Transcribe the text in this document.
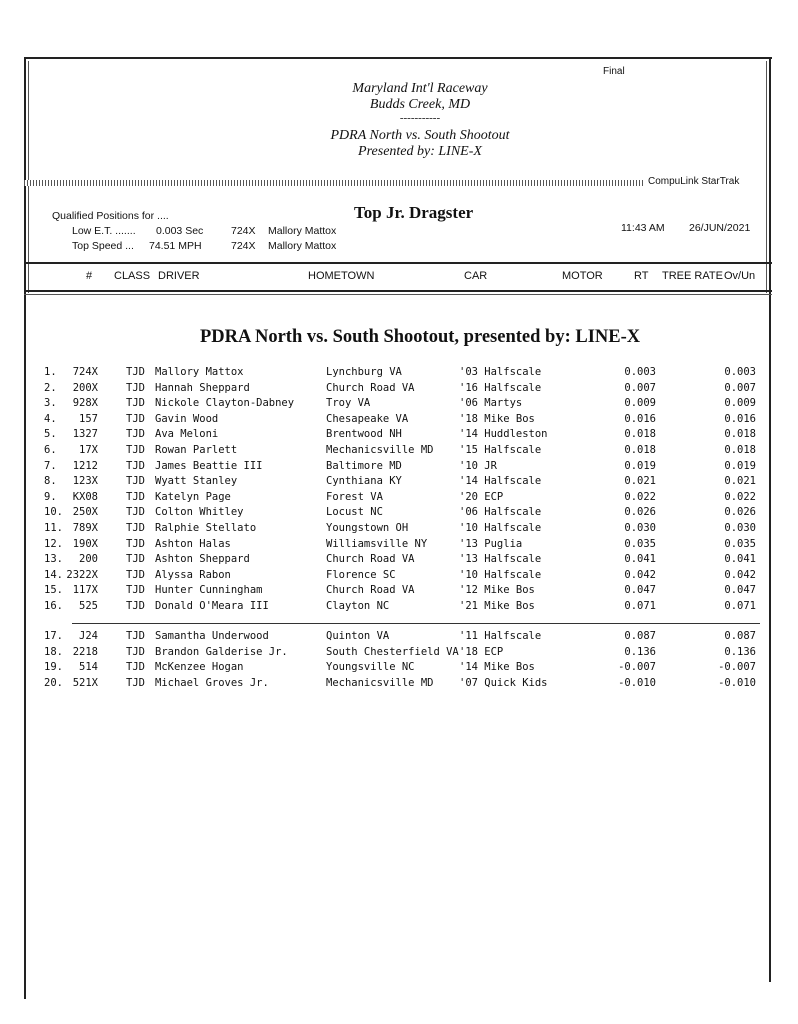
Final
Maryland Int'l Raceway
Budds Creek, MD
-----------
PDRA North vs. South Shootout
Presented by: LINE-X
CompuLink StarTrak
Qualified Positions for ....
Low E.T. ....... 0.003 Sec	724X Mallory Mattox
Top Speed ... 74.51 MPH	724X Mallory Mattox
Top Jr. Dragster
11:43 AM 26/JUN/2021
# CLASS DRIVER	HOMETOWN	CAR	MOTOR	RT TREE RATE Ov/Un
PDRA North vs. South Shootout, presented by: LINE-X
1.	724X	TJD Mallory Mattox	Lynchburg VA	'03 Halfscale	0.003	0.003
2.	200X	TJD Hannah Sheppard	Church Road VA	'16 Halfscale	0.007	0.007
3.	928X	TJD Nickole Clayton-Dabney	Troy VA	'06 Martys	0.009	0.009
4.	157	TJD Gavin Wood	Chesapeake VA	'18 Mike Bos	0.016	0.016
5.	1327	TJD Ava Meloni	Brentwood NH	'14 Huddleston	0.018	0.018
6.	17X	TJD Rowan Parlett	Mechanicsville MD '15 Halfscale	0.018	0.018
7.	1212	TJD James Beattie III	Baltimore MD	'10 JR	0.019	0.019
8.	123X	TJD Wyatt Stanley	Cynthiana KY	'14 Halfscale	0.021	0.021
9.	KX08	TJD Katelyn Page	Forest VA	'20 ECP	0.022	0.022
10. 250X	TJD Colton Whitley	Locust NC	'06 Halfscale	0.026	0.026
11. 789X	TJD Ralphie Stellato	Youngstown OH	'10 Halfscale	0.030	0.030
12. 190X	TJD Ashton Halas	Williamsville NY	'13 Puglia	0.035	0.035
13.	200	TJD Ashton Sheppard	Church Road VA	'13 Halfscale	0.041	0.041
14. 2322X	TJD Alyssa Rabon	Florence SC	'10 Halfscale	0.042	0.042
15. 117X	TJD Hunter Cunningham	Church Road VA	'12 Mike Bos	0.047	0.047
16.	525	TJD Donald O'Meara III	Clayton NC	'21 Mike Bos	0.071	0.071
17.	J24	TJD Samantha Underwood	Quinton VA	'11 Halfscale	0.087	0.087
18. 2218	TJD Brandon Galderise Jr.	South Chesterfield VA '18 ECP	0.136	0.136
19.	514	TJD McKenzee Hogan	Youngsville NC	'14 Mike Bos	-0.007	-0.007
20. 521X	TJD Michael Groves Jr.	Mechanicsville MD '07 Quick Kids	-0.010	-0.010
